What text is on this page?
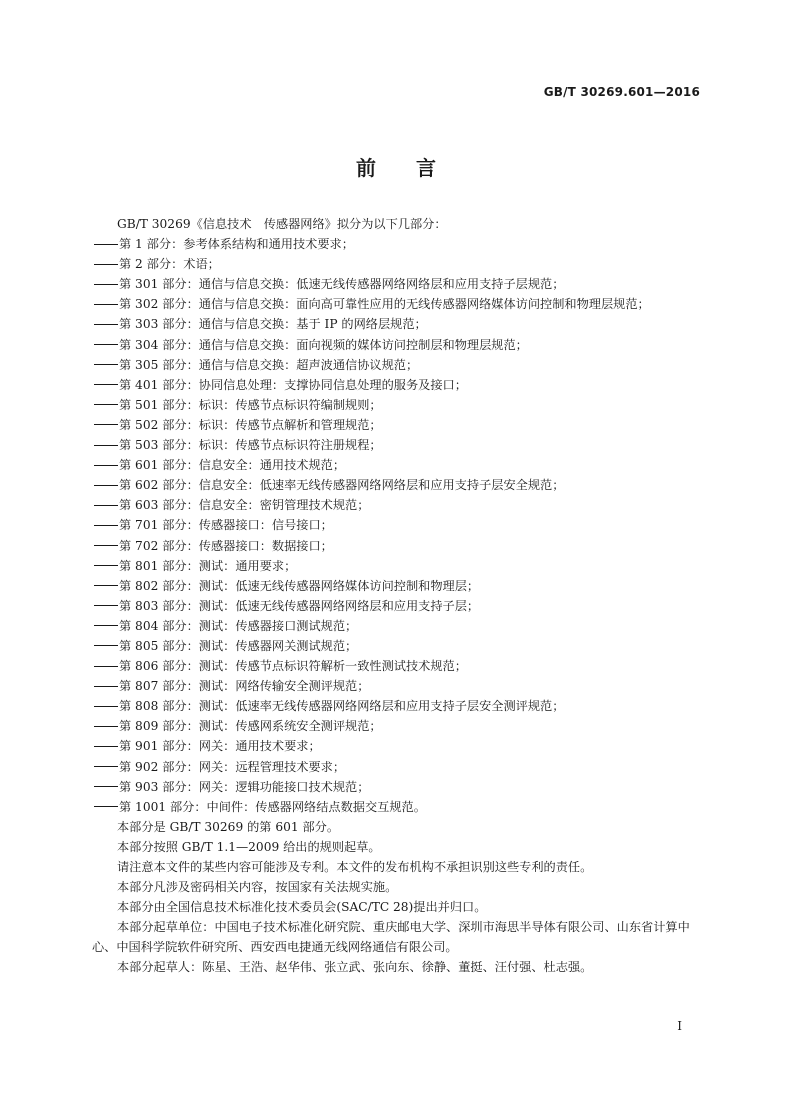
GB/T 30269.601—2016
前言

GB/T 30269《信息技术　传感器网络》拟分为以下几部分：

第 1 部分：参考体系结构和通用技术要求；
第 2 部分：术语；
第 301 部分：通信与信息交换：低速无线传感器网络网络层和应用支持子层规范；
第 302 部分：通信与信息交换：面向高可靠性应用的无线传感器网络媒体访问控制和物理层规范；
第 303 部分：通信与信息交换：基于 IP 的网络层规范；
第 304 部分：通信与信息交换：面向视频的媒体访问控制层和物理层规范；
第 305 部分：通信与信息交换：超声波通信协议规范；
第 401 部分：协同信息处理：支撑协同信息处理的服务及接口；
第 501 部分：标识：传感节点标识符编制规则；
第 502 部分：标识：传感节点解析和管理规范；
第 503 部分：标识：传感节点标识符注册规程；
第 601 部分：信息安全：通用技术规范；
第 602 部分：信息安全：低速率无线传感器网络网络层和应用支持子层安全规范；
第 603 部分：信息安全：密钥管理技术规范；
第 701 部分：传感器接口：信号接口；
第 702 部分：传感器接口：数据接口；
第 801 部分：测试：通用要求；
第 802 部分：测试：低速无线传感器网络媒体访问控制和物理层；
第 803 部分：测试：低速无线传感器网络网络层和应用支持子层；
第 804 部分：测试：传感器接口测试规范；
第 805 部分：测试：传感器网关测试规范；
第 806 部分：测试：传感节点标识符解析一致性测试技术规范；
第 807 部分：测试：网络传输安全测评规范；
第 808 部分：测试：低速率无线传感器网络网络层和应用支持子层安全测评规范；
第 809 部分：测试：传感网系统安全测评规范；
第 901 部分：网关：通用技术要求；
第 902 部分：网关：远程管理技术要求；
第 903 部分：网关：逻辑功能接口技术规范；
第 1001 部分：中间件：传感器网络结点数据交互规范。

本部分是 GB/T 30269 的第 601 部分。

本部分按照 GB/T 1.1—2009 给出的规则起草。

请注意本文件的某些内容可能涉及专利。本文件的发布机构不承担识别这些专利的责任。

本部分凡涉及密码相关内容，按国家有关法规实施。

本部分由全国信息技术标准化技术委员会(SAC/TC 28)提出并归口。

本部分起草单位：中国电子技术标准化研究院、重庆邮电大学、深圳市海思半导体有限公司、山东省计算中心、中国科学院软件研究所、西安西电捷通无线网络通信有限公司。

本部分起草人：陈星、王浩、赵华伟、张立武、张向东、徐静、董挺、汪付强、杜志强。

I
